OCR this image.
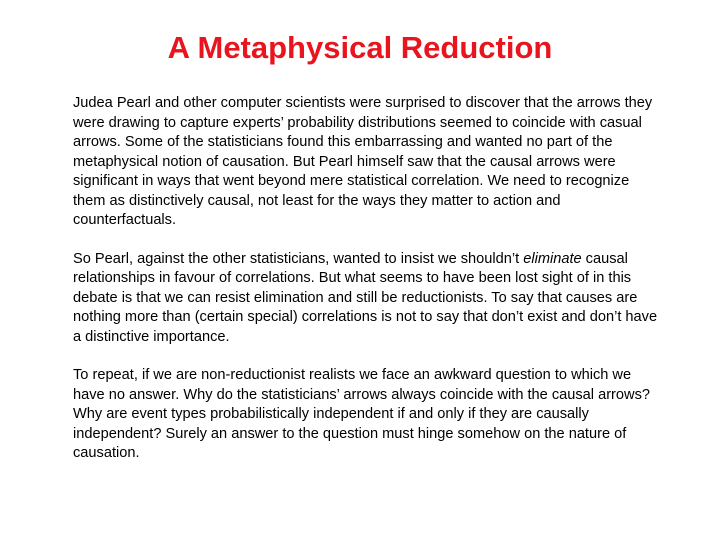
A Metaphysical Reduction

Judea Pearl and other computer scientists were surprised to discover that the arrows they were drawing to capture experts’ probability distributions seemed to coincide with casual arrows. Some of the statisticians found this embarrassing and wanted no part of the metaphysical notion of causation. But Pearl himself saw that the causal arrows were significant in ways that went beyond mere statistical correlation. We need to recognize them as distinctively causal, not least for the ways they matter to action and counterfactuals.

So Pearl, against the other statisticians, wanted to insist we shouldn’t eliminate causal relationships in favour of correlations. But what seems to have been lost sight of in this debate is that we can resist elimination and still be reductionists. To say that causes are nothing more than (certain special) correlations is not to say that don’t exist and don’t have a distinctive importance.

To repeat, if we are non-reductionist realists we face an awkward question to which we have no answer. Why do the statisticians’ arrows always coincide with the causal arrows? Why are event types probabilistically independent if and only if they are causally independent? Surely an answer to the question must hinge somehow on the nature of causation.
